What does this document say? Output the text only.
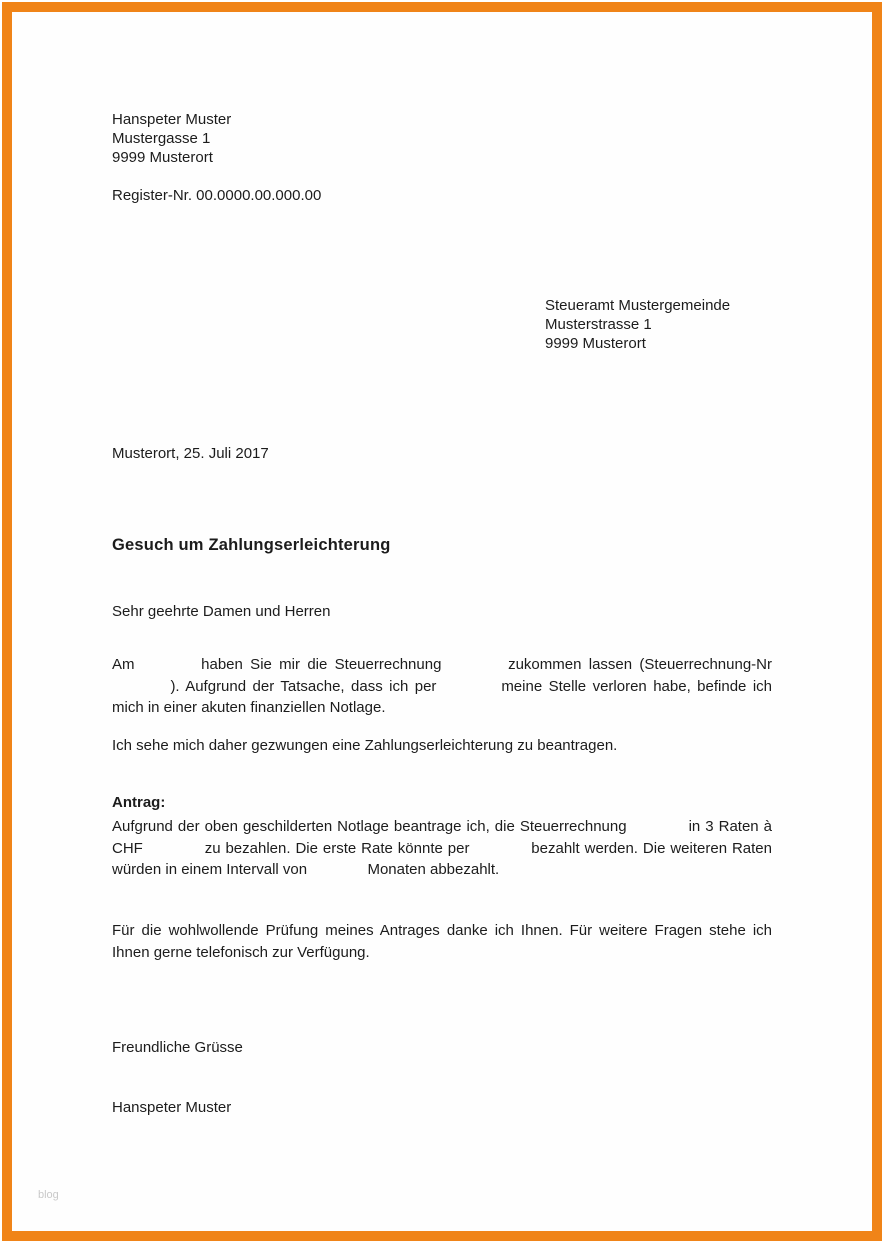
Hanspeter Muster
Mustergasse 1
9999 Musterort
Register-Nr. 00.0000.00.000.00
Steueramt Mustergemeinde
Musterstrasse 1
9999 Musterort
Musterort, 25. Juli 2017
Gesuch um Zahlungserleichterung
Sehr geehrte Damen und Herren
Am	haben Sie mir die Steuerrechnung	zukommen lassen (Steuerrechnung-Nr  ). Aufgrund der Tatsache, dass ich per	meine Stelle verloren habe, befinde ich mich in einer akuten finanziellen Notlage.
Ich sehe mich daher gezwungen eine Zahlungserleichterung zu beantragen.
Antrag:
Aufgrund der oben geschilderten Notlage beantrage ich, die Steuerrechnung	in 3 Raten à CHF	zu bezahlen. Die erste Rate könnte per	bezahlt werden. Die weiteren Raten würden in einem Intervall von	Monaten abbezahlt.
Für die wohlwollende Prüfung meines Antrages danke ich Ihnen. Für weitere Fragen stehe ich Ihnen gerne telefonisch zur Verfügung.
Freundliche Grüsse
Hanspeter Muster
blog
